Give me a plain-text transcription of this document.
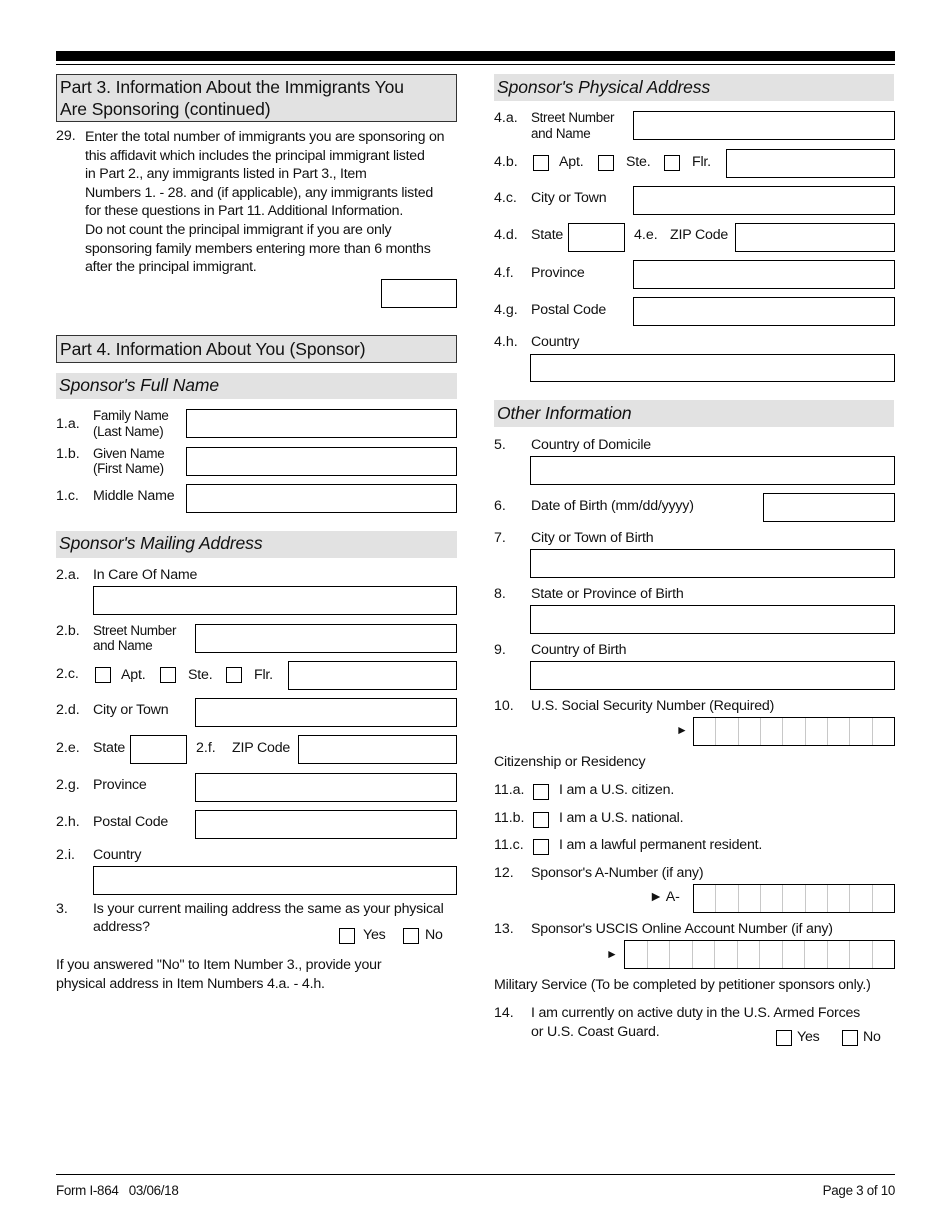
Part 3. Information About the Immigrants You
Are Sponsoring (continued)
29. Enter the total number of immigrants you are sponsoring on
this affidavit which includes the principal immigrant listed
in Part 2., any immigrants listed in Part 3., Item
Numbers 1. - 28. and (if applicable), any immigrants listed
for these questions in Part 11. Additional Information.
Do not count the principal immigrant if you are only
sponsoring family members entering more than 6 months
after the principal immigrant.
Part 4. Information About You (Sponsor)
Sponsor's Full Name
1.a.
Family Name
(Last Name)
1.b. Given Name
(First Name)
1.c. Middle Name
Sponsor's Mailing Address
2.a. In Care Of Name
2.b. Street Number
and Name
2.c.	Apt.	Ste.	Flr.
2.d. City or Town
2.e. State	2.f. ZIP Code
2.g. Province
2.h. Postal Code
2.i. Country
3. Is your current mailing address the same as your physical
address?	Yes	No
If you answered "No" to Item Number 3., provide your
physical address in Item Numbers 4.a. - 4.h.
Sponsor's Physical Address
4.a. Street Number
and Name
4.b.	Apt.	Ste.	Flr.
4.c. City or Town
4.d. State	4.e. ZIP Code
4.f. Province
4.g. Postal Code
4.h. Country
Other Information
5. Country of Domicile
6. Date of Birth (mm/dd/yyyy)
7. City or Town of Birth
8. State or Province of Birth
9. Country of Birth
10. U.S. Social Security Number (Required)
►
Citizenship or Residency
11.a. I am a U.S. citizen.
11.b. I am a U.S. national.
11.c. I am a lawful permanent resident.
12. Sponsor's A-Number (if any)
► A-
13. Sponsor's USCIS Online Account Number (if any)
►
Military Service (To be completed by petitioner sponsors only.)
14. I am currently on active duty in the U.S. Armed Forces
or U.S. Coast Guard.	Yes	No
Form I-864   03/06/18	Page 3 of 10
